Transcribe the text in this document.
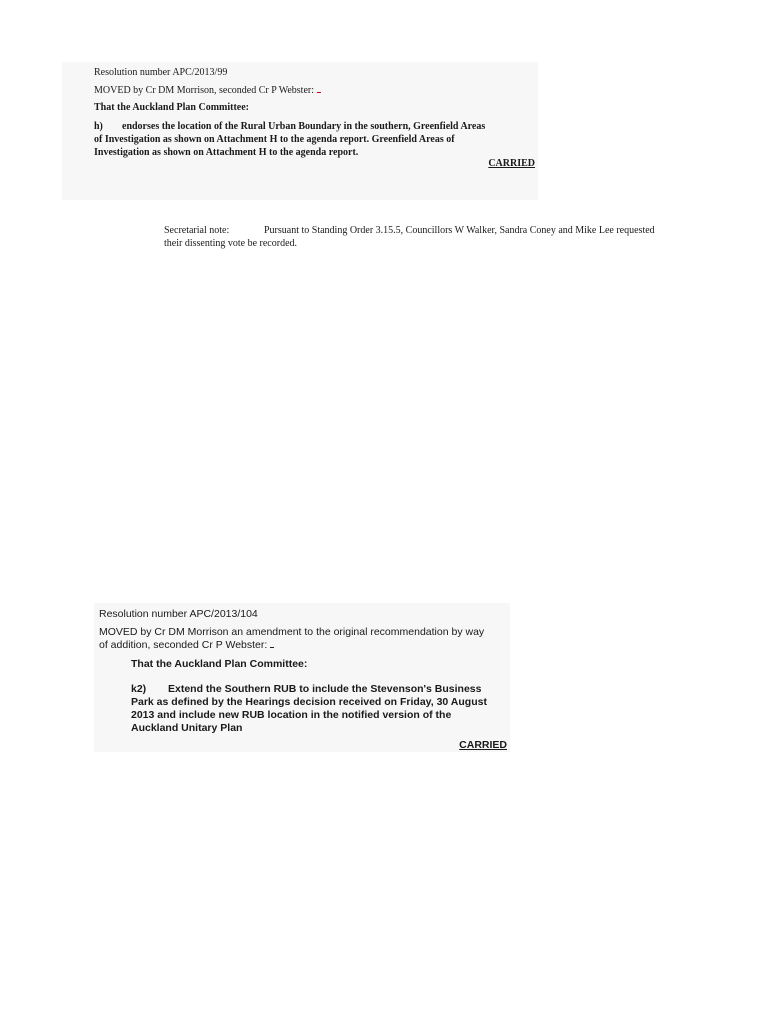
Resolution number APC/2013/99
MOVED by Cr DM Morrison, seconded Cr P Webster:
That the Auckland Plan Committee:
h) endorses the location of the Rural Urban Boundary in the southern, Greenfield Areas
of Investigation as shown on Attachment H to the agenda report. Greenfield Areas of
Investigation as shown on Attachment H to the agenda report.
CARRIED
Secretarial note:	Pursuant to Standing Order 3.15.5, Councillors W Walker, Sandra Coney and Mike Lee requested
their dissenting vote be recorded.
Resolution number APC/2013/104
MOVED by Cr DM Morrison an amendment to the original recommendation by way
of addition, seconded Cr P Webster:
That the Auckland Plan Committee:
k2) Extend the Southern RUB to include the Stevenson's Business
Park as defined by the Hearings decision received on Friday, 30 August
2013 and include new RUB location in the notified version of the
Auckland Unitary Plan
CARRIED
